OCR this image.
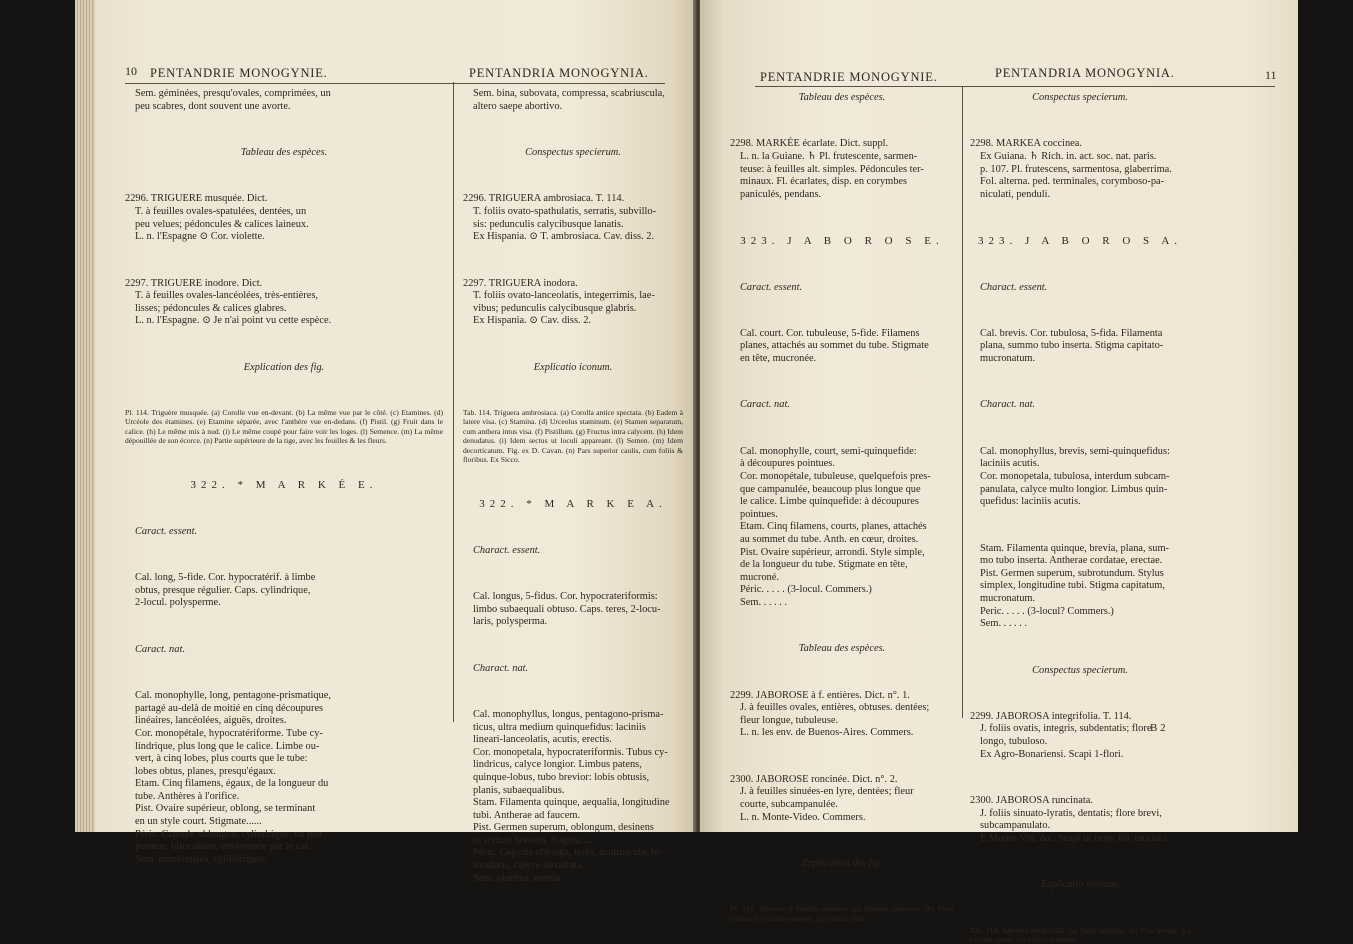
10 PENTANDRIE MONOGYNIE.	PENTANDRIA MONOGYNIA.

Sem. géminées, presqu'ovales, comprimées, un

peu scabres, dont souvent une avorte.

Tableau des espèces.

2296. TRIGUERE musquée. Dict.

T. à feuilles ovales-spatulées, dentées, un

peu velues; pédoncules & calices laineux.

L. n. l'Espagne ⊙ Cor. violette.

2297. TRIGUERE inodore. Dict.

T. à feuilles ovales-lancéolées, très-entières,

lisses; pédoncules & calices glabres.

L. n. l'Espagne. ⊙ Je n'ai point vu cette espèce.

Explication des fig.

Pl. 114. Triguère musquée. (a) Corolle vue en-devant. (b) La même vue par le côté. (c) Etamines. (d) Urcéole des étamines. (e) Etamine séparée, avec l'anthère vue en-dedans. (f) Pistil. (g) Fruit dans le calice. (h) Le même mis à nud. (i) Le même coupé pour faire voir les loges. (l) Semence. (m) La même dépouillée de son écorce. (n) Partie supérieure de la tige, avec les feuilles & les fleurs.

322. * M A R K É E.

Caract. essent.

Cal. long, 5-fide. Cor. hypocratérif. à limbe

obtus, presque régulier. Caps. cylindrique,

2-locul. polysperme.

Caract. nat.

Cal. monophylle, long, pentagone-prismatique,

partagé au-delà de moitié en cinq découpures

linéaires, lancéolées, aiguës, droites.

Cor. monopétale, hypocratériforme. Tube cy-

lindrique, plus long que le calice. Limbe ou-

vert, à cinq lobes, plus courts que le tube:

lobes obtus, planes, presqu'égaux.

Etam. Cinq filamens, égaux, de la longueur du

tube. Anthères à l'orifice.

Pist. Ovaire supérieur, oblong, se terminant

en un style court. Stigmate......

Péric. Capsule oblongue, cylindrique, un peu

pointue, biloculaire, environnée par le cal.

Sem. nombreuses, cylindriques.

Sem. bina, subovata, compressa, scabriuscula,

altero saepe abortivo.

Conspectus specierum.

2296. TRIGUERA ambrosiaca. T. 114.

T. foliis ovato-spathulatis, serratis, subvillo-

sis: pedunculis calycibusque lanatis.

Ex Hispania. ⊙ T. ambrosiaca. Cav. diss. 2.

2297. TRIGUERA inodora.

T. foliis ovato-lanceolatis, integerrimis, lae-

vibus; pedunculis calycibusque glabris.

Ex Hispania. ⊙ Cav. diss. 2.

Explicatio iconum.

Tab. 114. Triguera ambrosiaca. (a) Corolla antice spectata. (b) Eadem à latere visa. (c) Stamina. (d) Urceolus staminum. (e) Stamen separatum, cum anthera intus visa. (f) Pistillum. (g) Fructus intra calycem. (h) Idem denudatus. (i) Idem sectus ut loculi appareant. (l) Semen. (m) Idem decorticatum. Fig. ex D. Cavan. (n) Pars superior caulis, cum foliis & floribus. Ex Sicco.

322. * M A R K E A.

Charact. essent.

Cal. longus, 5-fidus. Cor. hypocrateriformis:

limbo subaequali obtuso. Caps. teres, 2-locu-

laris, polysperma.

Charact. nat.

Cal. monophyllus, longus, pentagono-prisma-

ticus, ultra medium quinquefidus: laciniis

lineari-lanceolatis, acutis, erectis.

Cor. monopetala, hypocrateriformis. Tubus cy-

lindricus, calyce longior. Limbus patens,

quinque-lobus, tubo brevior: lobis obtusis,

planis, subaequalibus.

Stam. Filamenta quinque, aequalia, longitudine

tubi. Antherae ad faucem.

Pist. Germen superum, oblongum, desinens

in stylum brevem. Stigma.....

Peric. Capsula oblonga, teres, acutiuscula, bi-

locularis, calyce obvallata.

Sem. plurima, teretia.

PENTANDRIE MONOGYNIE.	PENTANDRIA MONOGYNIA.	11

Tableau des espèces.

2298. MARKÉE écarlate. Dict. suppl.

L. n. la Guiane. ♄ Pl. frutescente, sarmen-

teuse: à feuilles alt. simples. Pédoncules ter-

minaux. Fl. écarlates, disp. en corymbes

paniculés, pendans.

323. J A B O R O S E.

Caract. essent.

Cal. court. Cor. tubuleuse, 5-fide. Filamens

planes, attachés au sommet du tube. Stigmate

en tête, mucronée.

Caract. nat.

Cal. monophylle, court, semi-quinquefide:

à découpures pointues.

Cor. monopétale, tubuleuse, quelquefois pres-

que campanulée, beaucoup plus longue que

le calice. Limbe quinquefide: à découpures

pointues.

Etam. Cinq filamens, courts, planes, attachés

au sommet du tube. Anth. en cœur, droites.

Pist. Ovaire supérieur, arrondi. Style simple,

de la longueur du tube. Stigmate en tête,

mucroné.

Péric. . . . . (3-locul. Commers.)

Sem. . . . . .

Tableau des espèces.

2299. JABOROSE à f. entières. Dict. n°. 1.

J. à feuilles ovales, entières, obtuses. dentées;

fleur longue, tubuleuse.

L. n. les env. de Buenos-Aires. Commers.

2300. JABOROSE roncinée. Dict. n°. 2.

J. à feuilles sinuées-en lyre, dentées; fleur

courte, subcampanulée.

L. n. Monte-Video. Commers.

Explication des fig.

Pl. 114. Jaborose à feuilles entières. (a) Feuilles radicales. (b) Fleur entière. (c) Corolle ouverte. (d) Calice, pistil.

Conspectus specierum.

2298. MARKEA coccinea.

Ex Guiana. ♄ Rich. in. act. soc. nat. paris.

p. 107. Pl. frutescens, sarmentosa, glaberrima.

Fol. alterna. ped. terminales, corymboso-pa-

niculati, penduli.

323. J A B O R O S A.

Charact. essent.

Cal. brevis. Cor. tubulosa, 5-fida. Filamenta

plana, summo tubo inserta. Stigma capitato-

mucronatum.

Charact. nat.

Cal. monophyllus, brevis, semi-quinquefidus:

laciniis acutis.

Cor. monopetala, tubulosa, interdum subcam-

panulata, calyce multo longior. Limbus quin-

quefidus: laciniis acutis.

Stam. Filamenta quinque, brevia, plana, sum-

mo tubo inserta. Antherae cordatae, erectae.

Pist. Germen superum, subrotundum. Stylus

simplex, longitudine tubi. Stigma capitatum,

mucronatum.

Peric. . . . . (3-locul? Commers.)

Sem. . . . . .

Conspectus specierum.

2299. JABOROSA integrifolia. T. 114.

J. foliis ovatis, integris, subdentatis; flore

longo, tubuloso.

Ex Agro-Bonariensi. Scapi 1-flori.

2300. JABOROSA runcinata.

J. foliis sinuato-lyratis, dentatis; flore brevi,

subcampanulato.

E Monte-Vid. &c. Scapi ut in pr. fol. taraxaci.

Explicatio iconum.

Tab. 114. Jaborosa integrifolia. (a) Folia radicalia. (b) Flos integer. (c) Corolla aperta. (d) Calyx, pistillum.

B 2
